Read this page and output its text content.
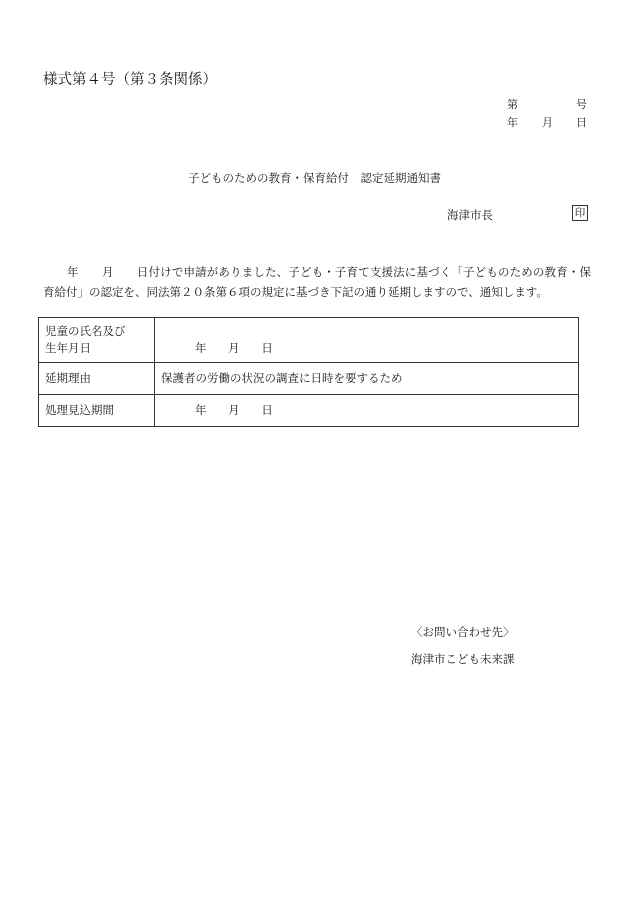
様式第４号（第３条関係）
第	号
年 月 日
子どものための教育・保育給付　認定延期通知書
海津市長	印
年　　月　　日付けで申請がありました、子ども・子育て支援法に基づく「子どものための教育・保育給付」の認定を、同法第２０条第６項の規定に基づき下記の通り延期しますので、通知します。
児童の氏名及び
生年月日	年 月 日

延期理由	保護者の労働の状況の調査に日時を要するため
処理見込期間	年 月 日
〈お問い合わせ先〉
海津市こども未来課
